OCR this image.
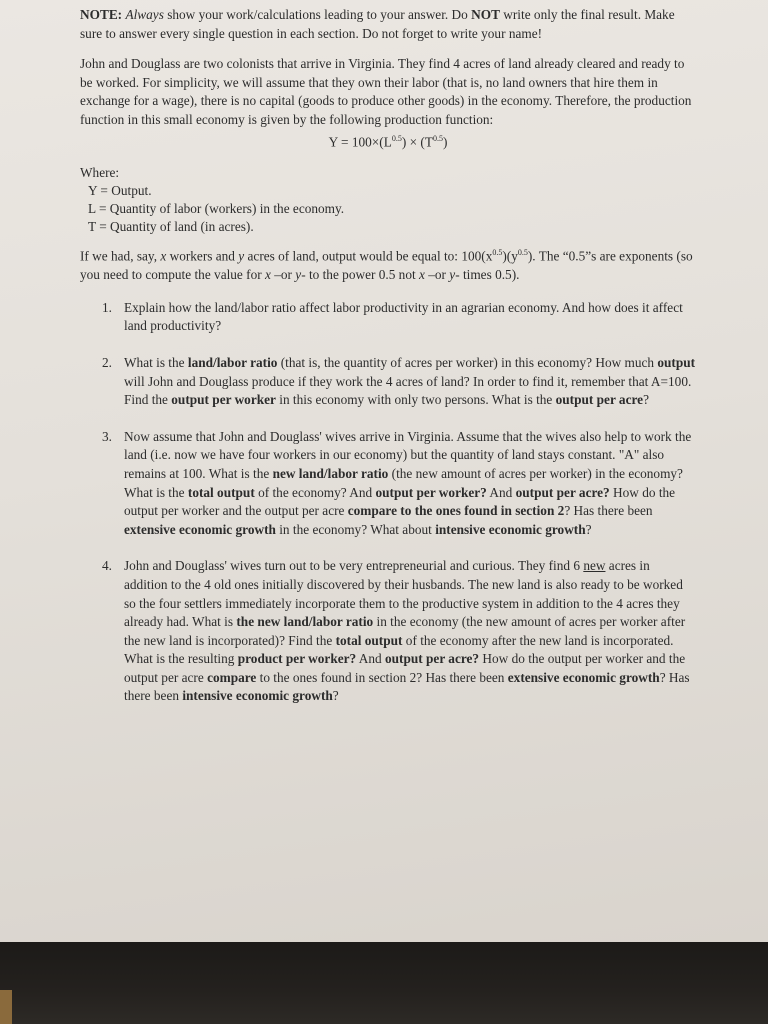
NOTE: Always show your work/calculations leading to your answer. Do NOT write only the final result. Make sure to answer every single question in each section. Do not forget to write your name!

John and Douglass are two colonists that arrive in Virginia. They find 4 acres of land already cleared and ready to be worked. For simplicity, we will assume that they own their labor (that is, no land owners that hire them in exchange for a wage), there is no capital (goods to produce other goods) in the economy. Therefore, the production function in this small economy is given by the following production function:

$Y = 100\times(L^{0.5}) \times (T^{0.5})$

Where:

Y = Output.
L = Quantity of labor (workers) in the economy.
T = Quantity of land (in acres).

If we had, say, x workers and y acres of land, output would be equal to: $100(x^{0.5})(y^{0.5})$. The “0.5”s are exponents (so you need to compute the value for x –or y- to the power 0.5 not x –or y- times 0.5).

1. Explain how the land/labor ratio affect labor productivity in an agrarian economy. And how does it affect land productivity?
2. What is the land/labor ratio (that is, the quantity of acres per worker) in this economy? How much output will John and Douglass produce if they work the 4 acres of land? In order to find it, remember that A=100. Find the output per worker in this economy with only two persons. What is the output per acre?
3. Now assume that John and Douglass' wives arrive in Virginia. Assume that the wives also help to work the land (i.e. now we have four workers in our economy) but the quantity of land stays constant. "A" also remains at 100. What is the new land/labor ratio (the new amount of acres per worker) in the economy? What is the total output of the economy? And output per worker? And output per acre? How do the output per worker and the output per acre compare to the ones found in section 2? Has there been extensive economic growth in the economy? What about intensive economic growth?
4. John and Douglass' wives turn out to be very entrepreneurial and curious. They find 6 new acres in addition to the 4 old ones initially discovered by their husbands. The new land is also ready to be worked so the four settlers immediately incorporate them to the productive system in addition to the 4 acres they already had. What is the new land/labor ratio in the economy (the new amount of acres per worker after the new land is incorporated)? Find the total output of the economy after the new land is incorporated. What is the resulting product per worker? And output per acre? How do the output per worker and the output per acre compare to the ones found in section 2? Has there been extensive economic growth? Has there been intensive economic growth?
